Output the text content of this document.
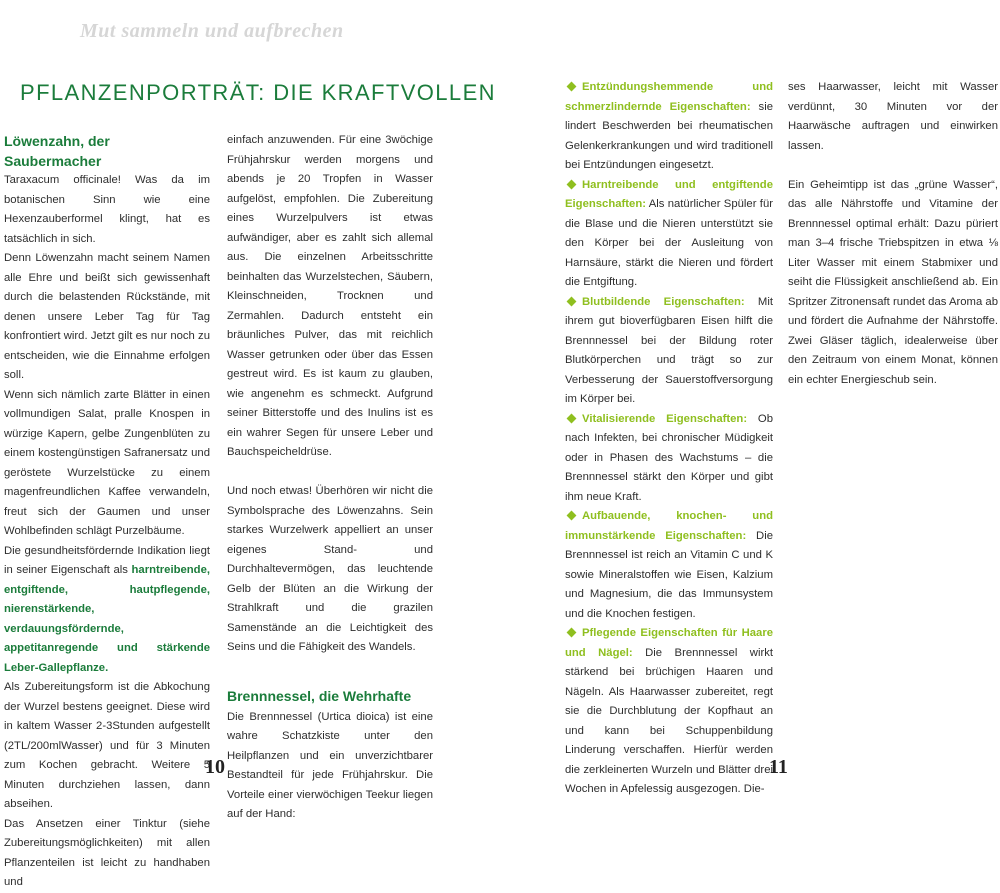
Mut sammeln und aufbrechen
PFLANZENPORTRÄT: DIE KRAFTVOLLEN
Löwenzahn, der Saubermacher

Taraxacum officinale! Was da im botanischen Sinn wie eine Hexenzauberformel klingt, hat es tatsächlich in sich.

Denn Löwenzahn macht seinem Namen alle Ehre und beißt sich gewissenhaft durch die belastenden Rückstände, mit denen unsere Leber Tag für Tag konfrontiert wird. Jetzt gilt es nur noch zu entscheiden, wie die Einnahme erfolgen soll.

Wenn sich nämlich zarte Blätter in einen vollmundigen Salat, pralle Knospen in würzige Kapern, gelbe Zungenblüten zu einem kostengünstigen Safranersatz und geröstete Wurzelstücke zu einem magenfreundlichen Kaffee verwandeln, freut sich der Gaumen und unser Wohlbefinden schlägt Purzelbäume.

Die gesundheitsfördernde Indikation liegt in seiner Eigenschaft als harntreibende, entgiftende, hautpflegende, nierenstärkende, verdauungsfördernde, appetitanregende und stärkende Leber-Gallepflanze.

Als Zubereitungsform ist die Abkochung der Wurzel bestens geeignet. Diese wird in kaltem Wasser 2-3Stunden aufgestellt (2TL/200mlWasser) und für 3 Minuten zum Kochen gebracht. Weitere 5 Minuten durchziehen lassen, dann abseihen.

Das Ansetzen einer Tinktur (siehe Zubereitungsmöglichkeiten) mit allen Pflanzenteilen ist leicht zu handhaben und

einfach anzuwenden. Für eine 3wöchige Frühjahrskur werden morgens und abends je 20 Tropfen in Wasser aufgelöst, empfohlen. Die Zubereitung eines Wurzelpulvers ist etwas aufwändiger, aber es zahlt sich allemal aus. Die einzelnen Arbeitsschritte beinhalten das Wurzelstechen, Säubern, Kleinschneiden, Trocknen und Zermahlen. Dadurch entsteht ein bräunliches Pulver, das mit reichlich Wasser getrunken oder über das Essen gestreut wird. Es ist kaum zu glauben, wie angenehm es schmeckt. Aufgrund seiner Bitterstoffe und des Inulins ist es ein wahrer Segen für unsere Leber und Bauchspeicheldrüse.

Und noch etwas! Überhören wir nicht die Symbolsprache des Löwenzahns. Sein starkes Wurzelwerk appelliert an unser eigenes Stand- und Durchhaltevermögen, das leuchtende Gelb der Blüten an die Wirkung der Strahlkraft und die grazilen Samenstände an die Leichtigkeit des Seins und die Fähigkeit des Wandels.

Brennnessel, die Wehrhafte

Die Brennnessel (Urtica dioica) ist eine wahre Schatzkiste unter den Heilpflanzen und ein unverzichtbarer Bestandteil für jede Frühjahrskur. Die Vorteile einer vierwöchigen Teekur liegen auf der Hand:

10

Entzündungshemmende und schmerzlindernde Eigenschaften: sie lindert Beschwerden bei rheumatischen Gelenkerkrankungen und wird traditionell bei Entzündungen eingesetzt.

Harntreibende und entgiftende Eigenschaften: Als natürlicher Spüler für die Blase und die Nieren unterstützt sie den Körper bei der Ausleitung von Harnsäure, stärkt die Nieren und fördert die Entgiftung.

Blutbildende Eigenschaften: Mit ihrem gut bioverfügbaren Eisen hilft die Brennnessel bei der Bildung roter Blutkörperchen und trägt so zur Verbesserung der Sauerstoffversorgung im Körper bei.

Vitalisierende Eigenschaften: Ob nach Infekten, bei chronischer Müdigkeit oder in Phasen des Wachstums – die Brennnessel stärkt den Körper und gibt ihm neue Kraft.

Aufbauende, knochen- und immunstärkende Eigenschaften: Die Brennnessel ist reich an Vitamin C und K sowie Mineralstoffen wie Eisen, Kalzium und Magnesium, die das Immunsystem und die Knochen festigen.

Pflegende Eigenschaften für Haare und Nägel: Die Brennnessel wirkt stärkend bei brüchigen Haaren und Nägeln. Als Haarwasser zubereitet, regt sie die Durchblutung der Kopfhaut an und kann bei Schuppenbildung Linderung verschaffen. Hierfür werden die zerkleinerten Wurzeln und Blätter drei Wochen in Apfelessig ausgezogen. Die-

ses Haarwasser, leicht mit Wasser verdünnt, 30 Minuten vor der Haarwäsche auftragen und einwirken lassen.

Ein Geheimtipp ist das „grüne Wasser“, das alle Nährstoffe und Vitamine der Brennnessel optimal erhält: Dazu püriert man 3–4 frische Triebspitzen in etwa ⅛ Liter Wasser mit einem Stabmixer und seiht die Flüssigkeit anschließend ab. Ein Spritzer Zitronensaft rundet das Aroma ab und fördert die Aufnahme der Nährstoffe. Zwei Gläser täglich, idealerweise über den Zeitraum von einem Monat, können ein echter Energieschub sein.

11
